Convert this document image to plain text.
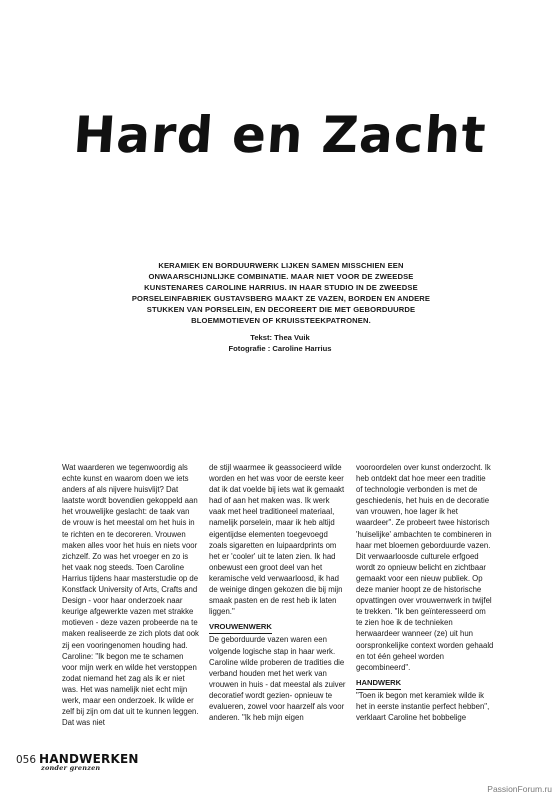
Hard en Zacht
KERAMIEK EN BORDUURWERK LIJKEN SAMEN MISSCHIEN EEN ONWAARSCHIJNLIJKE COMBINATIE. MAAR NIET VOOR DE ZWEEDSE KUNSTENARES CAROLINE HARRIUS. IN HAAR STUDIO IN DE ZWEEDSE PORSELEINFABRIEK GUSTAVSBERG MAAKT ZE VAZEN, BORDEN EN ANDERE STUKKEN VAN PORSELEIN, EN DECOREERT DIE MET GEBORDUURDE BLOEMMOTIEVEN OF KRUISSTEEKPATRONEN.
Tekst: Thea Vuik
Fotografie : Caroline Harrius

Wat waarderen we tegenwoordig als echte kunst en waarom doen we iets anders af als nijvere huisvlijt? Dat laatste wordt bovendien gekoppeld aan het vrouwelijke geslacht: de taak van de vrouw is het meestal om het huis in te richten en te decoreren. Vrouwen maken alles voor het huis en niets voor zichzelf. Zo was het vroeger en zo is het vaak nog steeds. Toen Caroline Harrius tijdens haar masterstudie op de Konstfack University of Arts, Crafts and Design - voor haar onderzoek naar keurige afgewerkte vazen met strakke motieven - deze vazen probeerde na te maken realiseerde ze zich plots dat ook zij een vooringenomen houding had. Caroline: "Ik begon me te schamen voor mijn werk en wilde het verstoppen zodat niemand het zag als ik er niet was. Het was namelijk niet echt mijn werk, maar een onderzoek. Ik wilde er zelf bij zijn om dat uit te kunnen leggen. Dat was niet

de stijl waarmee ik geassocieerd wilde worden en het was voor de eerste keer dat ik dat voelde bij iets wat ik gemaakt had of aan het maken was. Ik werk vaak met heel traditioneel materiaal, namelijk porselein, maar ik heb altijd eigentijdse elementen toegevoegd zoals sigaretten en luipaardprints om het er 'cooler' uit te laten zien. Ik had onbewust een groot deel van het keramische veld verwaarloosd, ik had de weinige dingen gekozen die bij mijn smaak pasten en de rest heb ik laten liggen."

VROUWENWERK

De geborduurde vazen waren een volgende logische stap in haar werk. Caroline wilde proberen de tradities die verband houden met het werk van vrouwen in huis - dat meestal als zuiver decoratief wordt gezien- opnieuw te evalueren, zowel voor haarzelf als voor anderen. "Ik heb mijn eigen

vooroordelen over kunst onderzocht. Ik heb ontdekt dat hoe meer een traditie of technologie verbonden is met de geschiedenis, het huis en de decoratie van vrouwen, hoe lager ik het waardeer". Ze probeert twee historisch 'huiselijke' ambachten te combineren in haar met bloemen geborduurde vazen. Dit verwaarloosde culturele erfgoed wordt zo opnieuw belicht en zichtbaar gemaakt voor een nieuw publiek. Op deze manier hoopt ze de historische opvattingen over vrouwenwerk in twijfel te trekken. "Ik ben geïnteresseerd om te zien hoe ik de technieken herwaardeer wanneer (ze) uit hun oorspronkelijke context worden gehaald en tot één geheel worden gecombineerd".

HANDWERK

"Toen ik begon met keramiek wilde ik het in eerste instantie perfect hebben", verklaart Caroline het bobbelige

056 HANDWERKEN
zonder grenzen
PassionForum.ru
